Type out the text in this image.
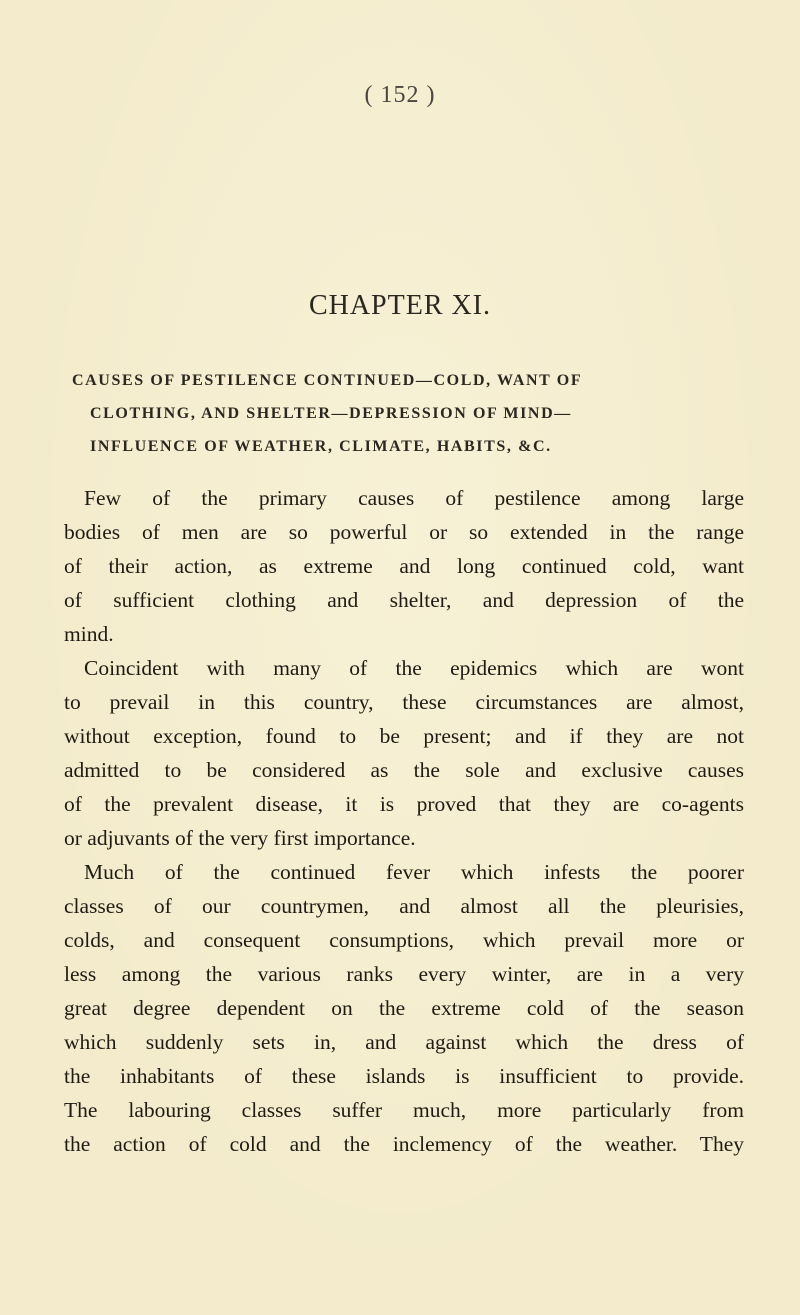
( 152 )
CHAPTER XI.
CAUSES OF PESTILENCE CONTINUED—COLD, WANT OF
CLOTHING, AND SHELTER—DEPRESSION OF MIND—
INFLUENCE OF WEATHER, CLIMATE, HABITS, &C.
Few of the primary causes of pestilence among large
bodies of men are so powerful or so extended in the range
of their action, as extreme and long continued cold, want
of sufficient clothing and shelter, and depression of the
mind.
Coincident with many of the epidemics which are wont
to prevail in this country, these circumstances are almost,
without exception, found to be present; and if they are not
admitted to be considered as the sole and exclusive causes
of the prevalent disease, it is proved that they are co-agents
or adjuvants of the very first importance.
Much of the continued fever which infests the poorer
classes of our countrymen, and almost all the pleurisies,
colds, and consequent consumptions, which prevail more or
less among the various ranks every winter, are in a very
great degree dependent on the extreme cold of the season
which suddenly sets in, and against which the dress of
the inhabitants of these islands is insufficient to provide.
The labouring classes suffer much, more particularly from
the action of cold and the inclemency of the weather. They
